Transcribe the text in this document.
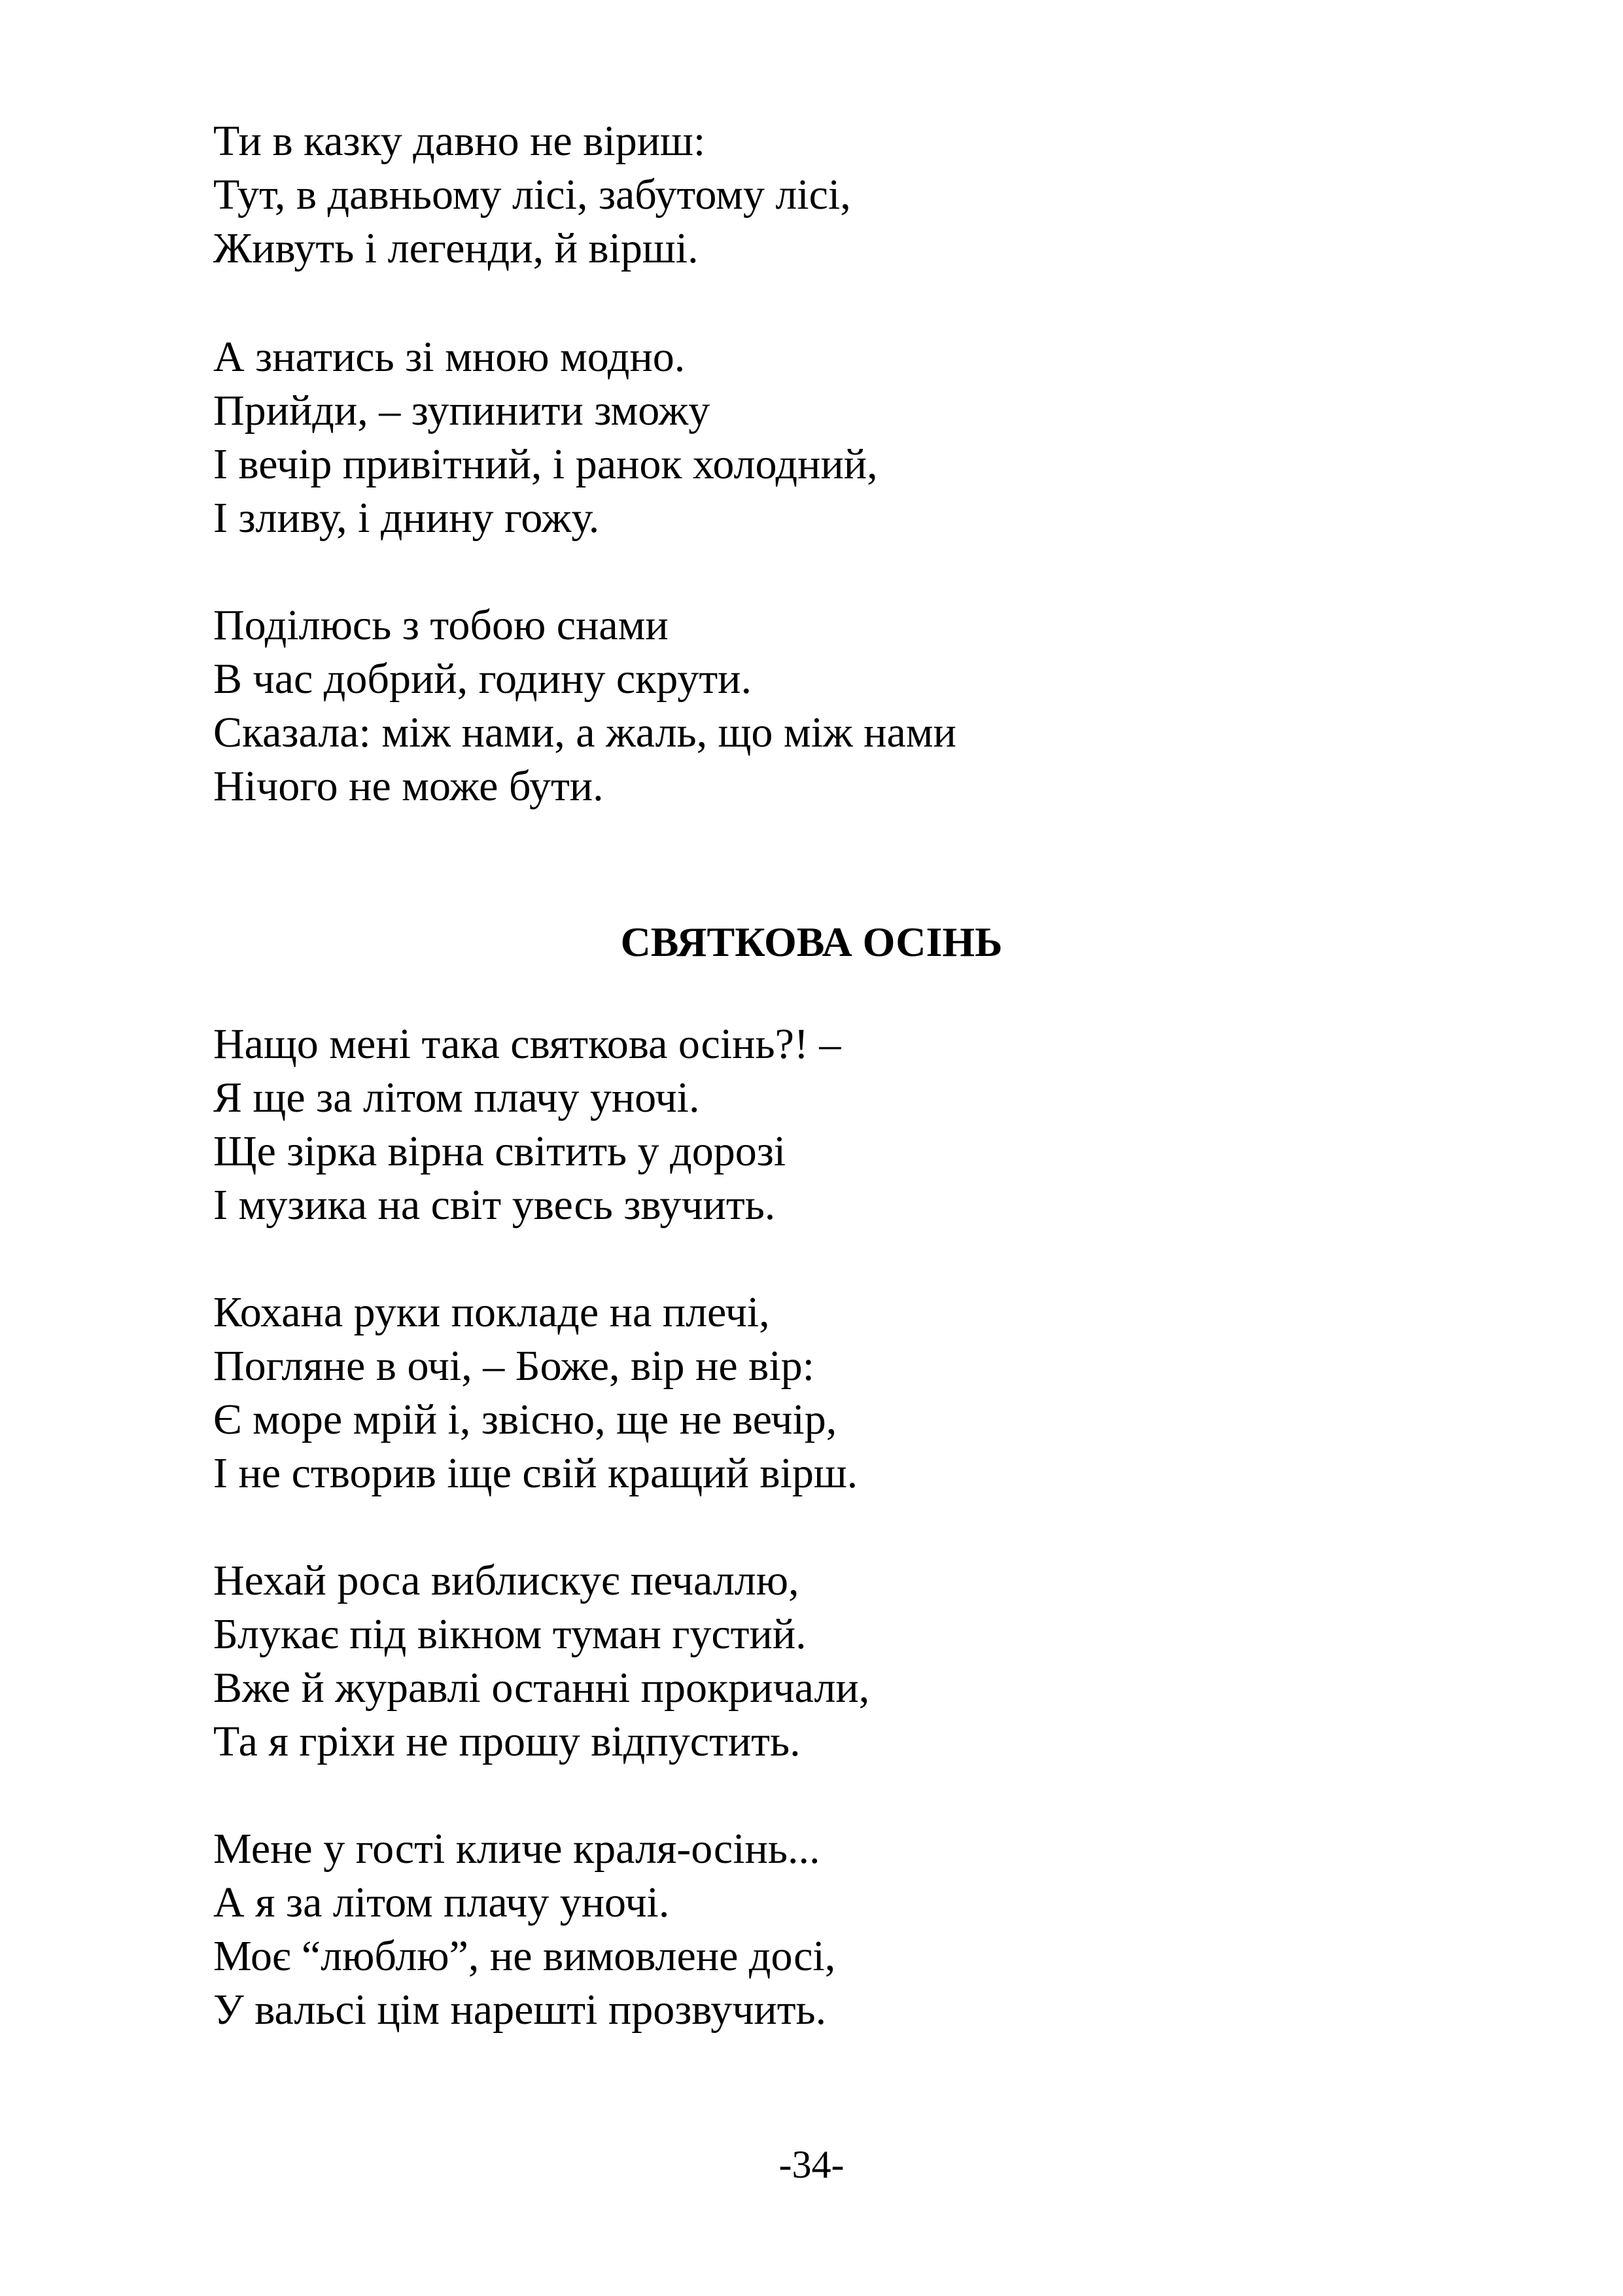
Ти в казку давно не віриш:
Тут, в давньому лісі, забутому лісі,
Живуть і легенди, й вірші.
А знатись зі мною модно.
Прийди, – зупинити зможу
І вечір привітний, і ранок холодний,
І зливу, і днину гожу.
Поділюсь з тобою снами
В час добрий, годину скрути.
Сказала: між нами, а жаль, що між нами
Нічого не може бути.
СВЯТКОВА ОСІНЬ
Нащо мені така святкова осінь?! –
Я ще за літом плачу уночі.
Ще зірка вірна світить у дорозі
І музика на світ увесь звучить.
Кохана руки покладе на плечі,
Погляне в очі, – Боже, вір не вір:
Є море мрій і, звісно, ще не вечір,
І не створив іще свій кращий вірш.
Нехай роса виблискує печаллю,
Блукає під вікном туман густий.
Вже й журавлі останні прокричали,
Та я гріхи не прошу відпустить.
Мене у гості кличе краля-осінь...
А я за літом плачу уночі.
Моє “люблю”, не вимовлене досі,
У вальсі цім нарешті прозвучить.
-34-
